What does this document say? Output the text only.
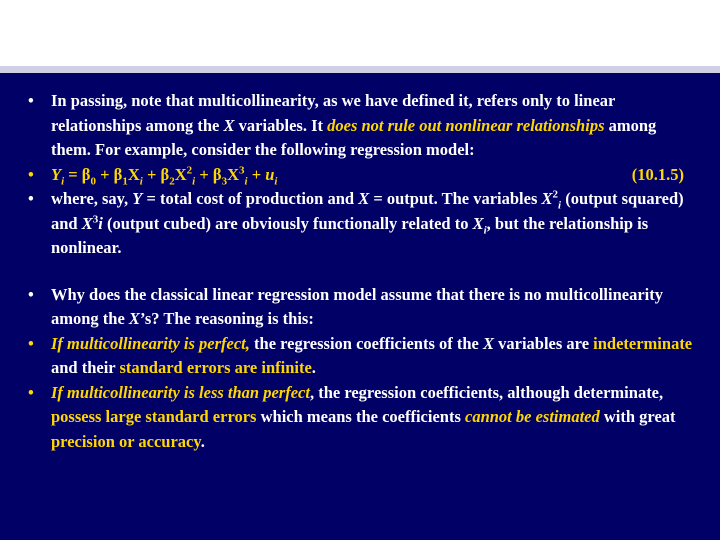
• In passing, note that multicollinearity, as we have defined it, refers only to linear relationships among the X variables. It does not rule out nonlinear relationships among them. For example, consider the following regression model:
• $Y_i = \beta_0 + \beta_1X_i + \beta_2X^2_i + \beta_3X^3_i + u_i$	(10.1.5)
• where, say, Y = total cost of production and X = output. The variables $X^2_i$ (output squared) and $X^3i$ (output cubed) are obviously functionally related to $X_i$, but the relationship is nonlinear.
• Why does the classical linear regression model assume that there is no multicollinearity among the X’s? The reasoning is this:
• If multicollinearity is perfect, the regression coefficients of the X variables are indeterminate and their standard errors are infinite.
• If multicollinearity is less than perfect, the regression coefficients, although determinate, possess large standard errors which means the coefficients cannot be estimated with great precision or accuracy.
